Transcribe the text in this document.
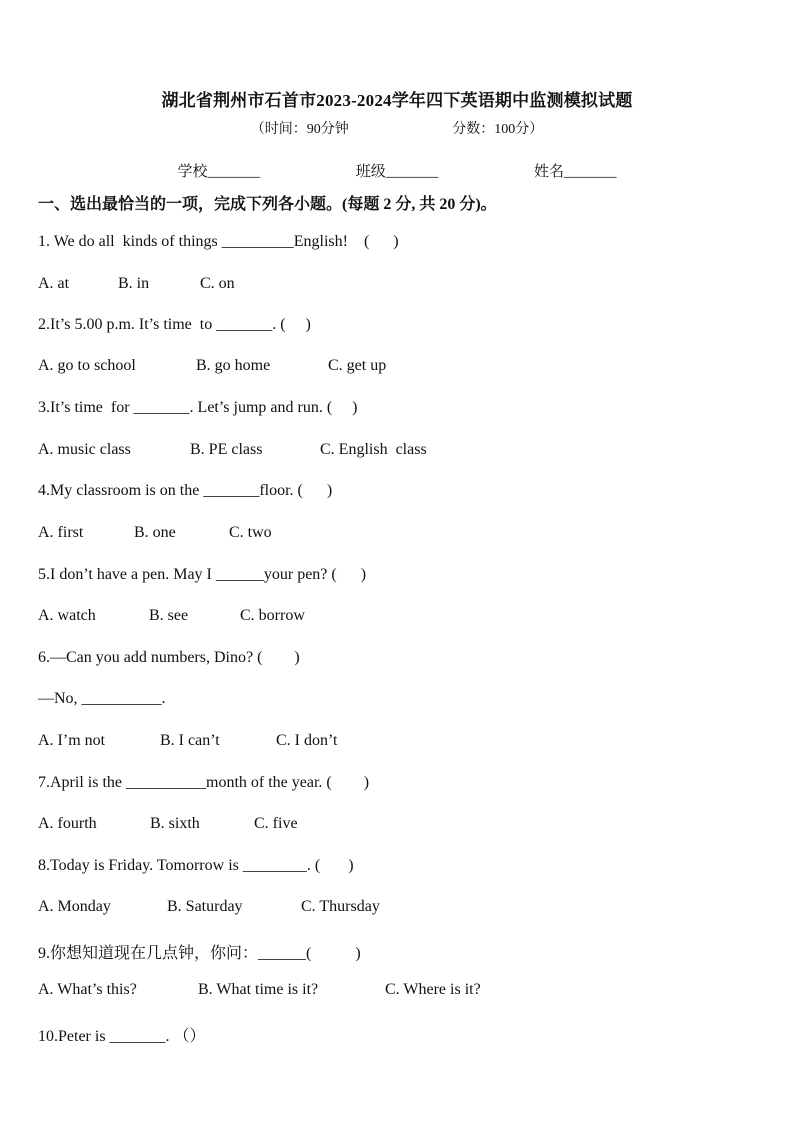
湖北省荆州市石首市2023-2024学年四下英语期中监测模拟试题
（时间：90分钟	分数：100分）
学校_______	班级_______	姓名_______
一、选出最恰当的一项，完成下列各小题。(每题 2 分, 共 20 分)。
1. We do all  kinds of things _________English!    (      )
A. at	B. in	C. on
2.It’s 5.00 p.m. It’s time  to _______. (     )
A. go to school	B. go home	C. get up
3.It’s time  for _______. Let’s jump and run. (     )
A. music class	B. PE class	C. English  class
4.My classroom is on the _______floor. (      )
A. first	B. one	C. two
5.I don’t have a pen. May I ______your pen? (      )
A. watch	B. see	C. borrow
6.—Can you add numbers, Dino? (        )
—No, __________.
A. I’m not	B. I can’t	C. I don’t
7.April is the __________month of the year. (        )
A. fourth	B. sixth	C. five
8.Today is Friday. Tomorrow is ________. (       )
A. Monday	B. Saturday	C. Thursday
9.你想知道现在几点钟，你问：______(           )
A. What’s this?	B. What time is it?	C. Where is it?
10.Peter is _______. （）
